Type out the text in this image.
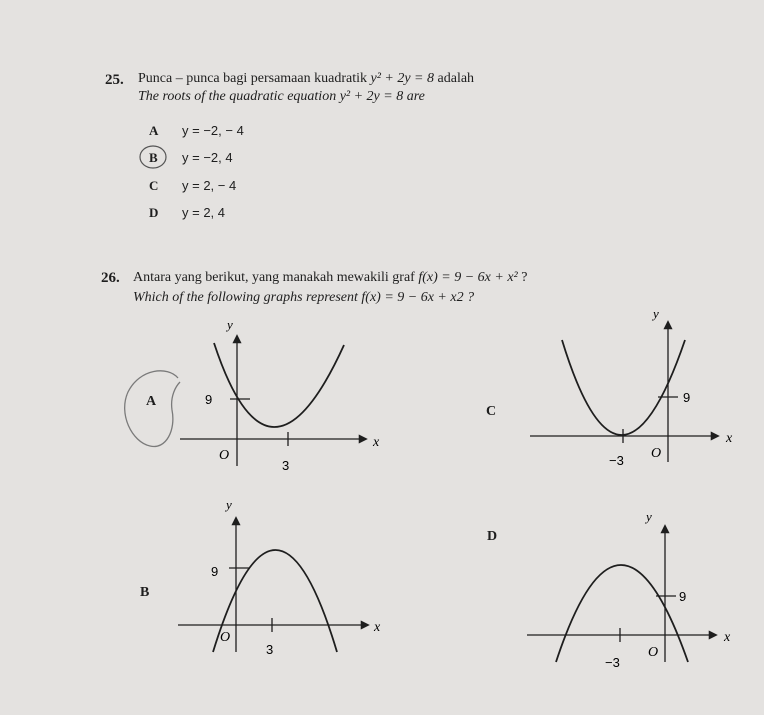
25. Punca – punca bagi persamaan kuadratik y² + 2y = 8 adalah
The roots of the quadratic equation y² + 2y = 8 are
A y = −2, − 4
B y = −2, 4
C y = 2, − 4
D y = 2, 4
26. Antara yang berikut, yang manakah mewakili graf f(x) = 9 − 6x + x² ?
Which of the following graphs represent f(x) = 9 − 6x + x2 ?
A
B
C
D
y
x
9
3
O
y
x
9
3
O
y
x
9
−3 O
y
x
9
−3
O
